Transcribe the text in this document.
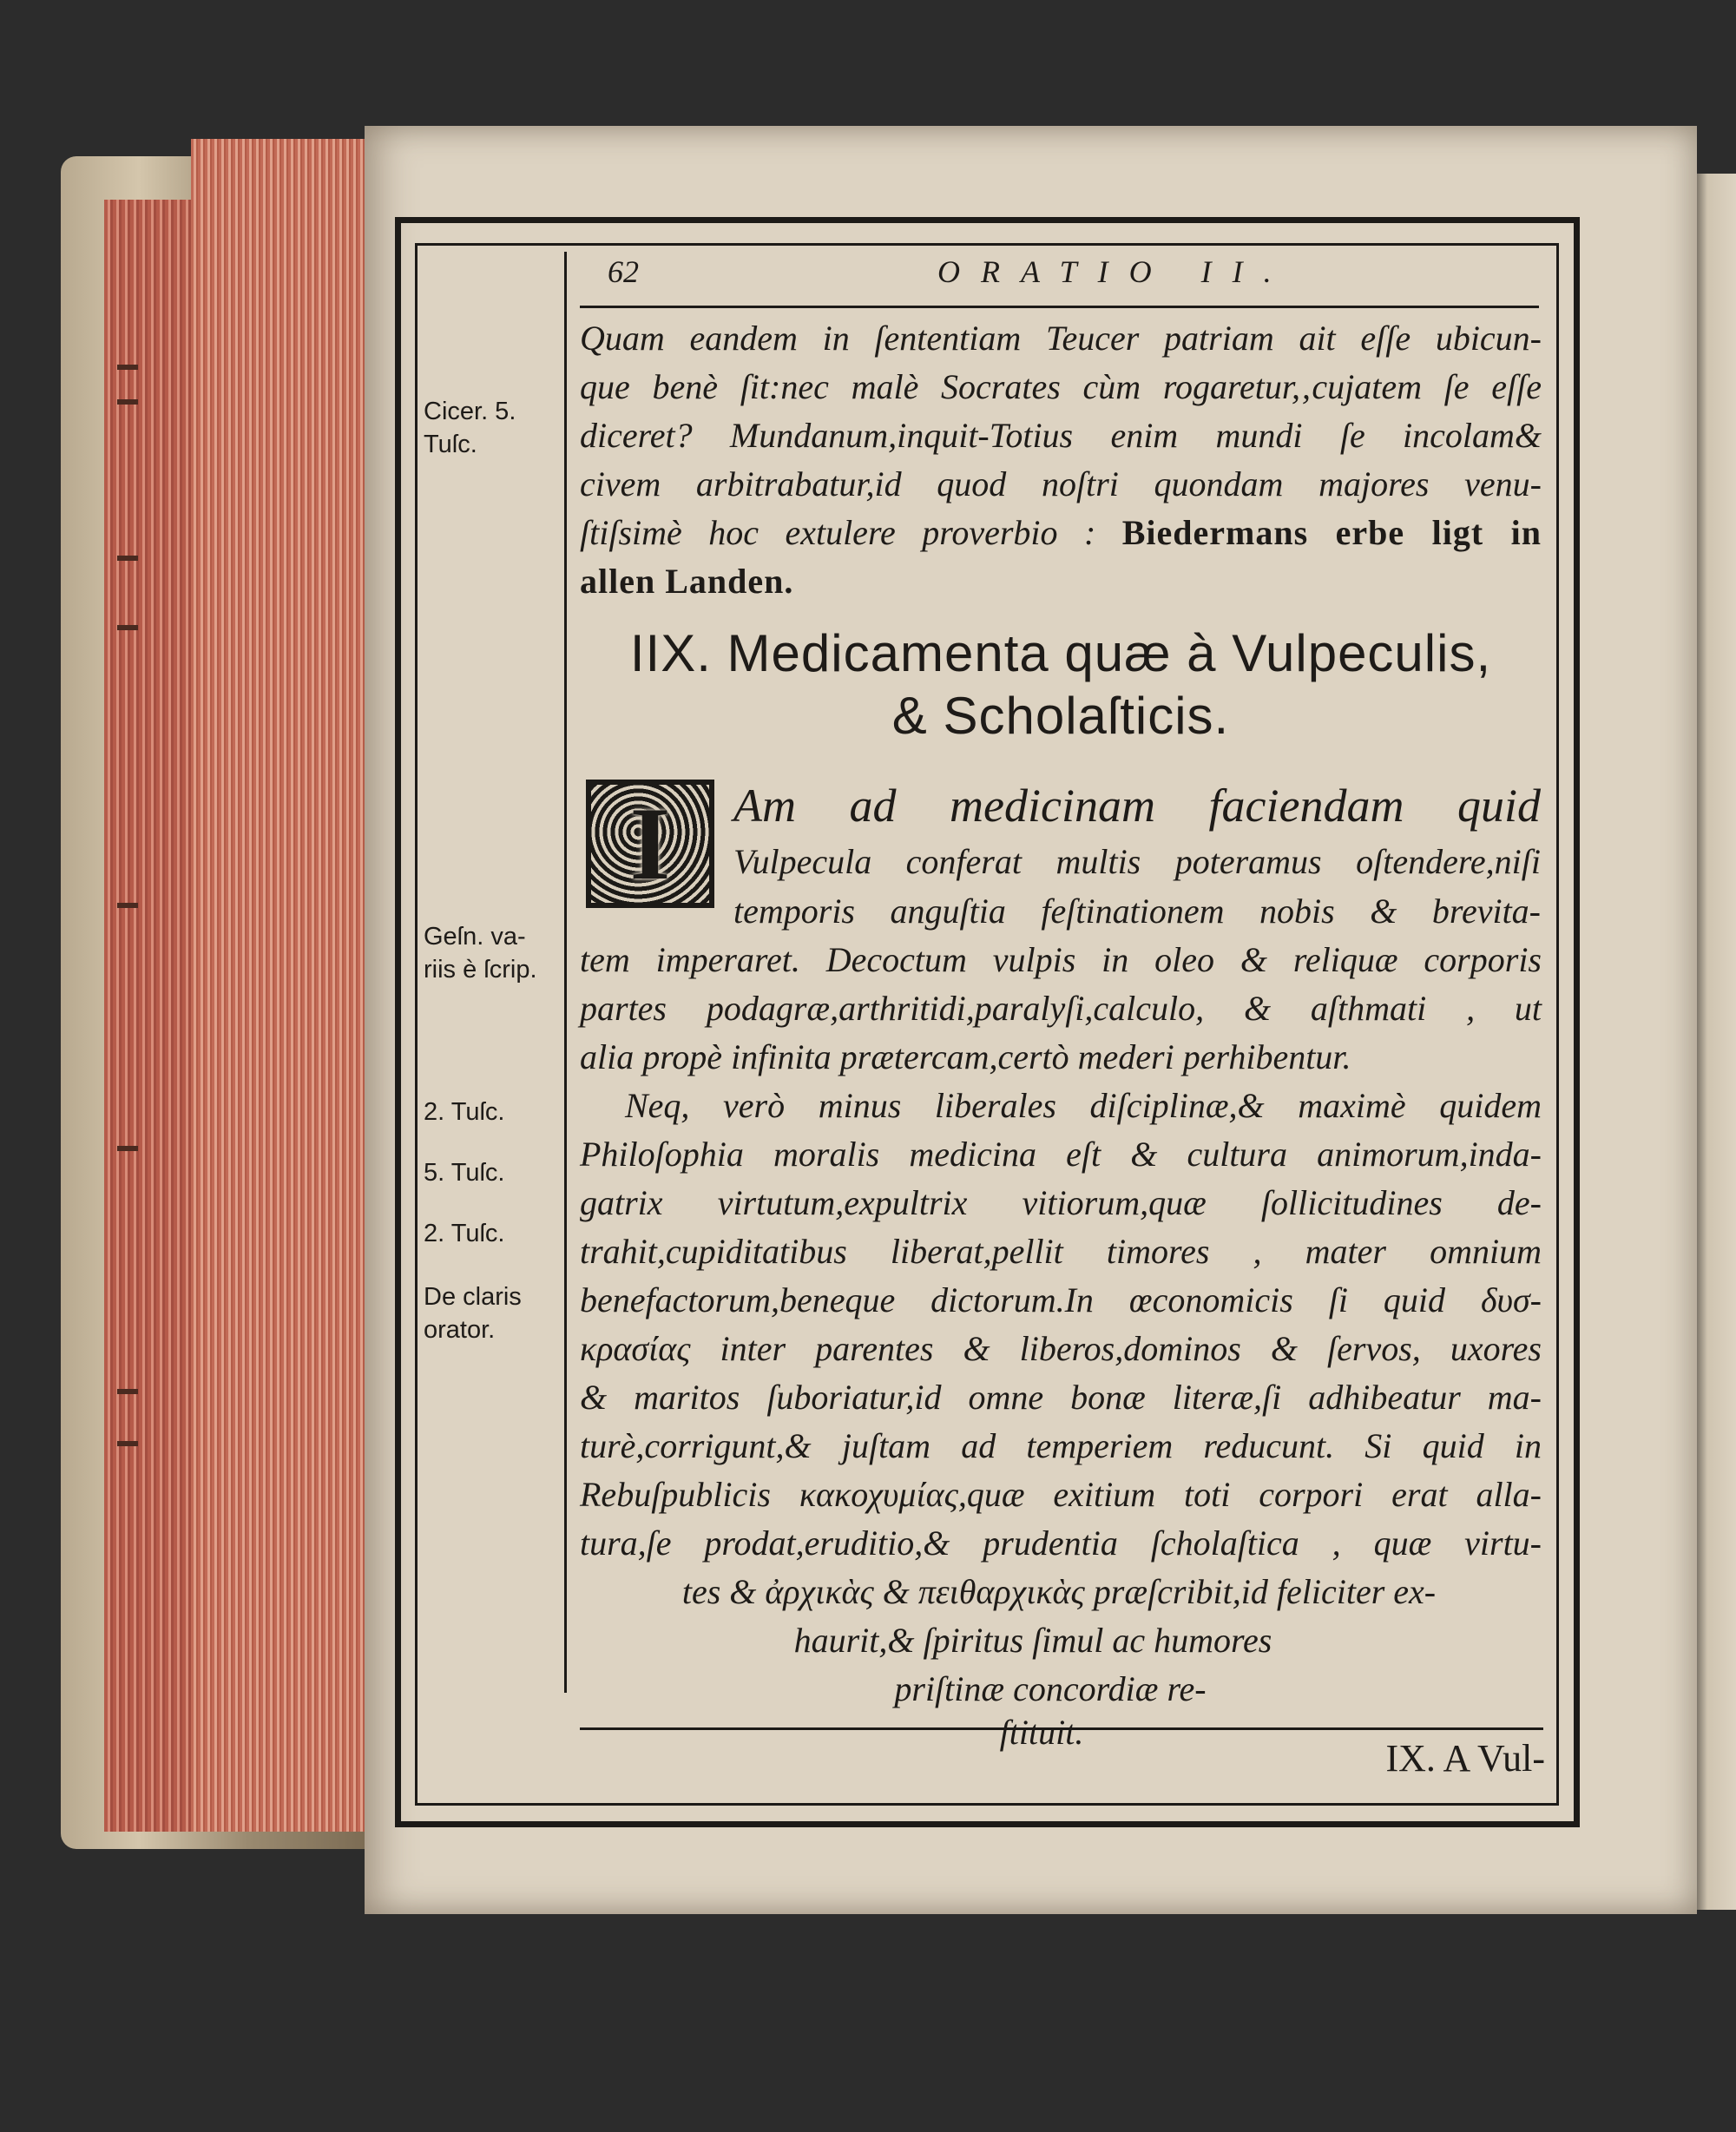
62	ORATIO II.
Quam eandem in ſententiam Teucer patriam ait eſſe ubicun-
que benè ſit:nec malè Socrates cùm rogaretur,‚cujatem ſe eſſe
diceret? Mundanum,inquit-Totius enim mundi ſe incolam&
civem arbitrabatur,id quod noſtri quondam majores venu-
ſtiſsimè hoc extulere proverbio : Biedermans erbe ligt in
allen Landen.
IIX. Medicamenta quæ à Vulpeculis,
& Scholaſticis.
I	Am ad medicinam faciendam quid
Vulpecula conferat multis poteramus oſtendere,niſi
temporis anguſtia feſtinationem nobis & brevita-
tem imperaret. Decoctum vulpis in oleo & reliquæ corporis
partes podagræ,arthritidi,paralyſi,calculo, & aſthmati , ut
alia propè infinita prætercam,certò mederi perhibentur.
Neq, verò minus liberales diſciplinæ,& maximè quidem
Philoſophia moralis medicina eſt & cultura animorum,inda-
gatrix virtutum,expultrix vitiorum,quæ ſollicitudines de-
trahit,cupiditatibus liberat,pellit timores , mater omnium
benefactorum,beneque dictorum.In œconomicis ſi quid δυσ-
κρασίας inter parentes & liberos,dominos & ſervos, uxores
& maritos ſuboriatur,id omne bonæ literæ,ſi adhibeatur ma-
turè,corrigunt,& juſtam ad temperiem reducunt. Si quid in
Rebuſpublicis κακοχυμίας,quæ exitium toti corpori erat alla-
tura,ſe prodat,eruditio,& prudentia ſcholaſtica , quæ virtu-
tes & ἀρχικὰς & πειθαρχικὰς præſcribit,id feliciter ex-
haurit,& ſpiritus ſimul ac humores
priſtinæ concordiæ re-
ſtituit.
Cicer. 5. Tuſc.
Geſn. va- riis è ſcrip.
2. Tuſc.
5. Tuſc.
2. Tuſc.
De claris orator.
IX. A Vul-
